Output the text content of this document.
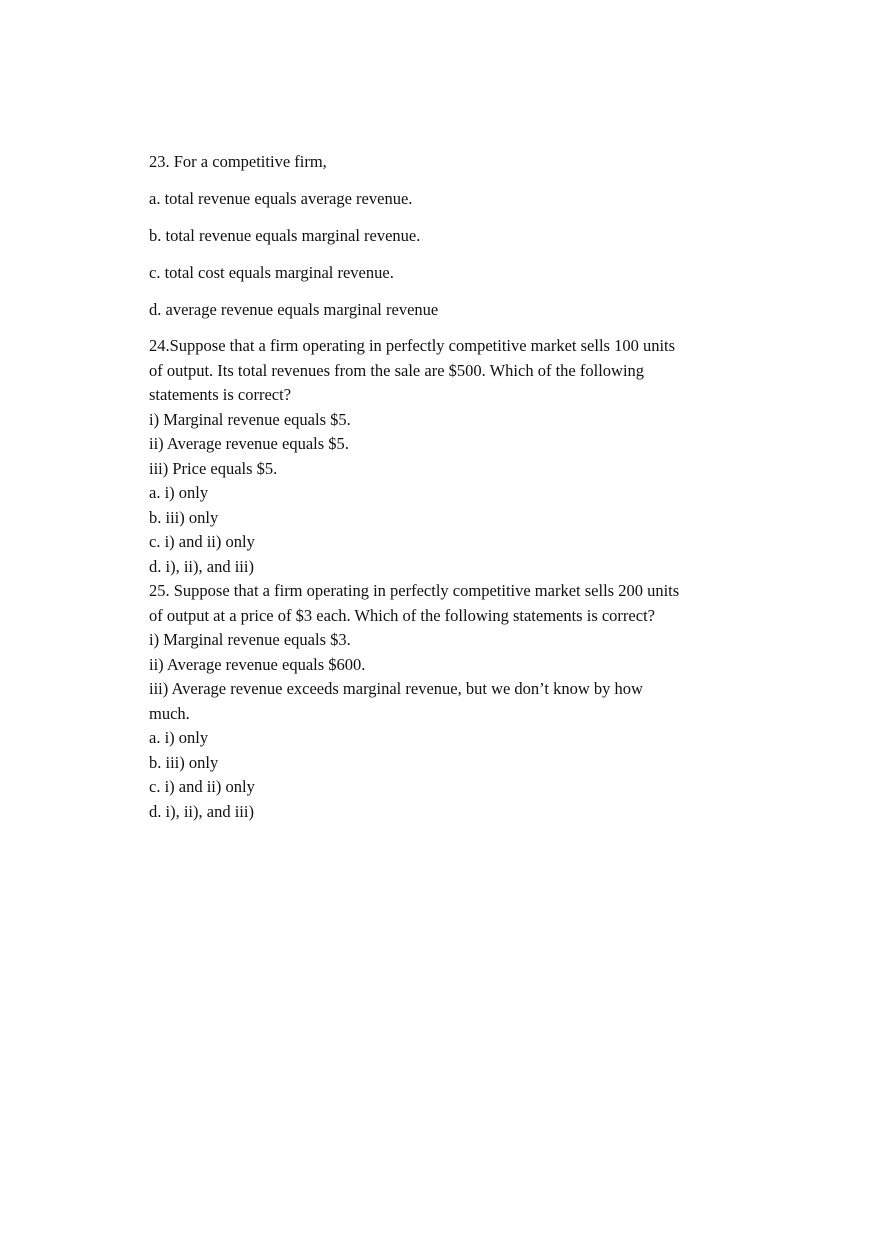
23. For a competitive firm,
a. total revenue equals average revenue.
b. total revenue equals marginal revenue.
c. total cost equals marginal revenue.
d. average revenue equals marginal revenue
24.Suppose that a firm operating in perfectly competitive market sells 100 units
of output. Its total revenues from the sale are $500. Which of the following
statements is correct?
i) Marginal revenue equals $5.
ii) Average revenue equals $5.
iii) Price equals $5.
a. i) only
b. iii) only
c. i) and ii) only
d. i), ii), and iii)
25. Suppose that a firm operating in perfectly competitive market sells 200 units
of output at a price of $3 each. Which of the following statements is correct?
i) Marginal revenue equals $3.
ii) Average revenue equals $600.
iii) Average revenue exceeds marginal revenue, but we don’t know by how
much.
a. i) only
b. iii) only
c. i) and ii) only
d. i), ii), and iii)
